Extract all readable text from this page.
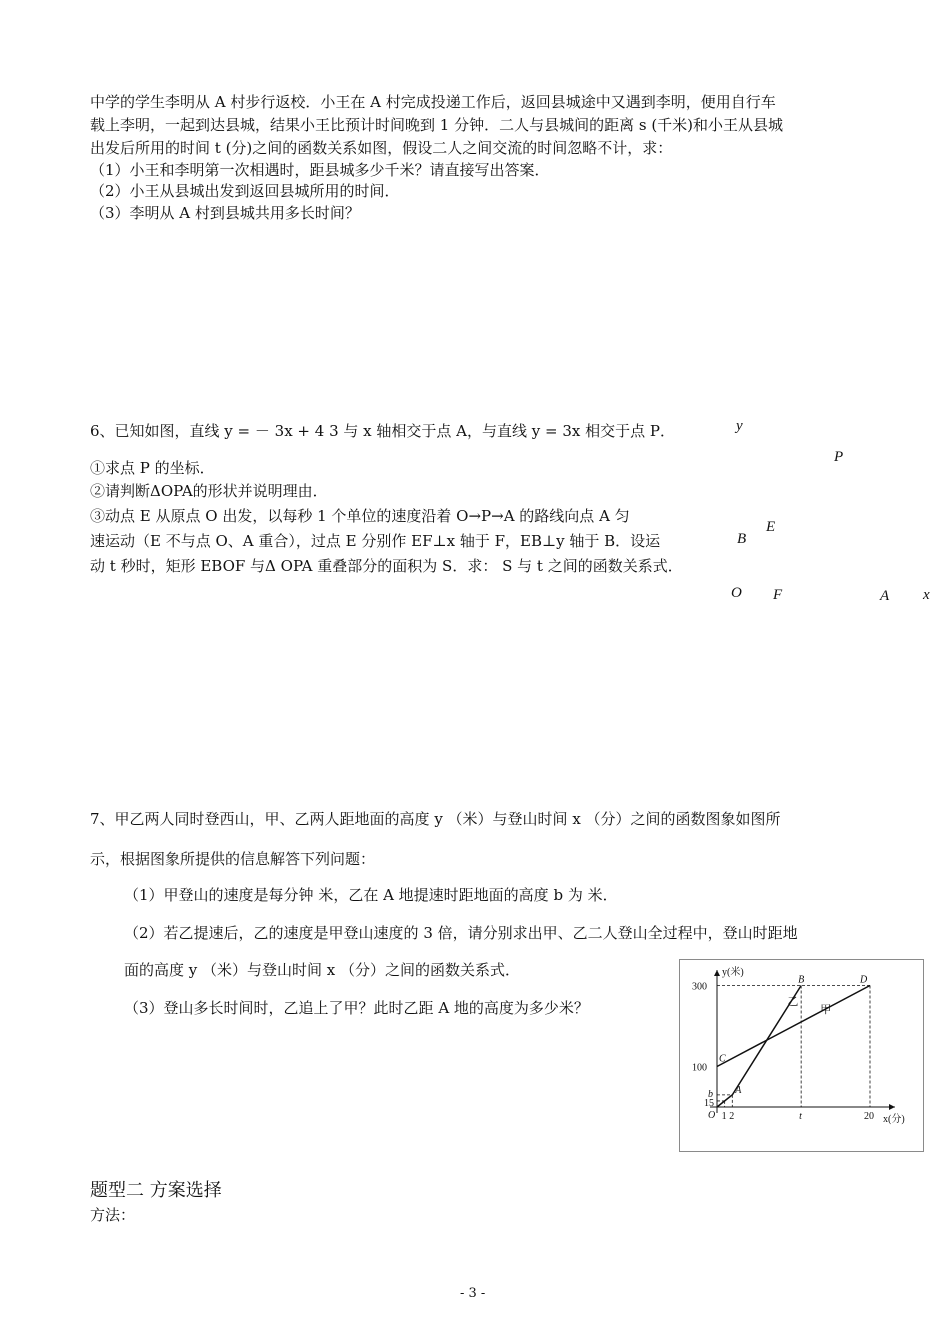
中学的学生李明从 A 村步行返校．小王在 A 村完成投递工作后，返回县城途中又遇到李明，便用自行车
载上李明，一起到达县城，结果小王比预计时间晚到 1 分钟．二人与县城间的距离 s (千米)和小王从县城
出发后所用的时间 t (分)之间的函数关系如图，假设二人之间交流的时间忽略不计，求：
（1）小王和李明第一次相遇时，距县城多少千米？请直接写出答案．
（2）小王从县城出发到返回县城所用的时间．
（3）李明从 A 村到县城共用多长时间？
6、已知如图，直线 y = － 3x + 4 3 与 x 轴相交于点 A，与直线 y = 3x 相交于点 P．
①求点 P 的坐标．
②请判断ΔOPA的形状并说明理由．
③动点 E 从原点 O 出发，以每秒 1 个单位的速度沿着 O→P→A 的路线向点 A 匀
速运动（E 不与点 O、A 重合），过点 E 分别作 EF⊥x 轴于 F，EB⊥y 轴于 B．设运
动 t 秒时，矩形 EBOF 与Δ OPA 重叠部分的面积为 S．求： S 与 t 之间的函数关系式．
y
P
E
B
O F	A x
7、甲乙两人同时登西山，甲、乙两人距地面的高度 y （米）与登山时间 x （分）之间的函数图象如图所
示，根据图象所提供的信息解答下列问题：
（1）甲登山的速度是每分钟 米，乙在 A 地提速时距地面的高度 b 为 米．
（2）若乙提速后，乙的速度是甲登山速度的 3 倍，请分别求出甲、乙二人登山全过程中，登山时距地
面的高度 y （米）与登山时间 x （分）之间的函数关系式．
（3）登山多长时间时，乙追上了甲？此时乙距 A 地的高度为多少米？
y(米)
x(分)
O
甲
乙
A
B
C
D
b
15
100
300
1 2	t	20
题型二 方案选择
方法：
- 3 -
